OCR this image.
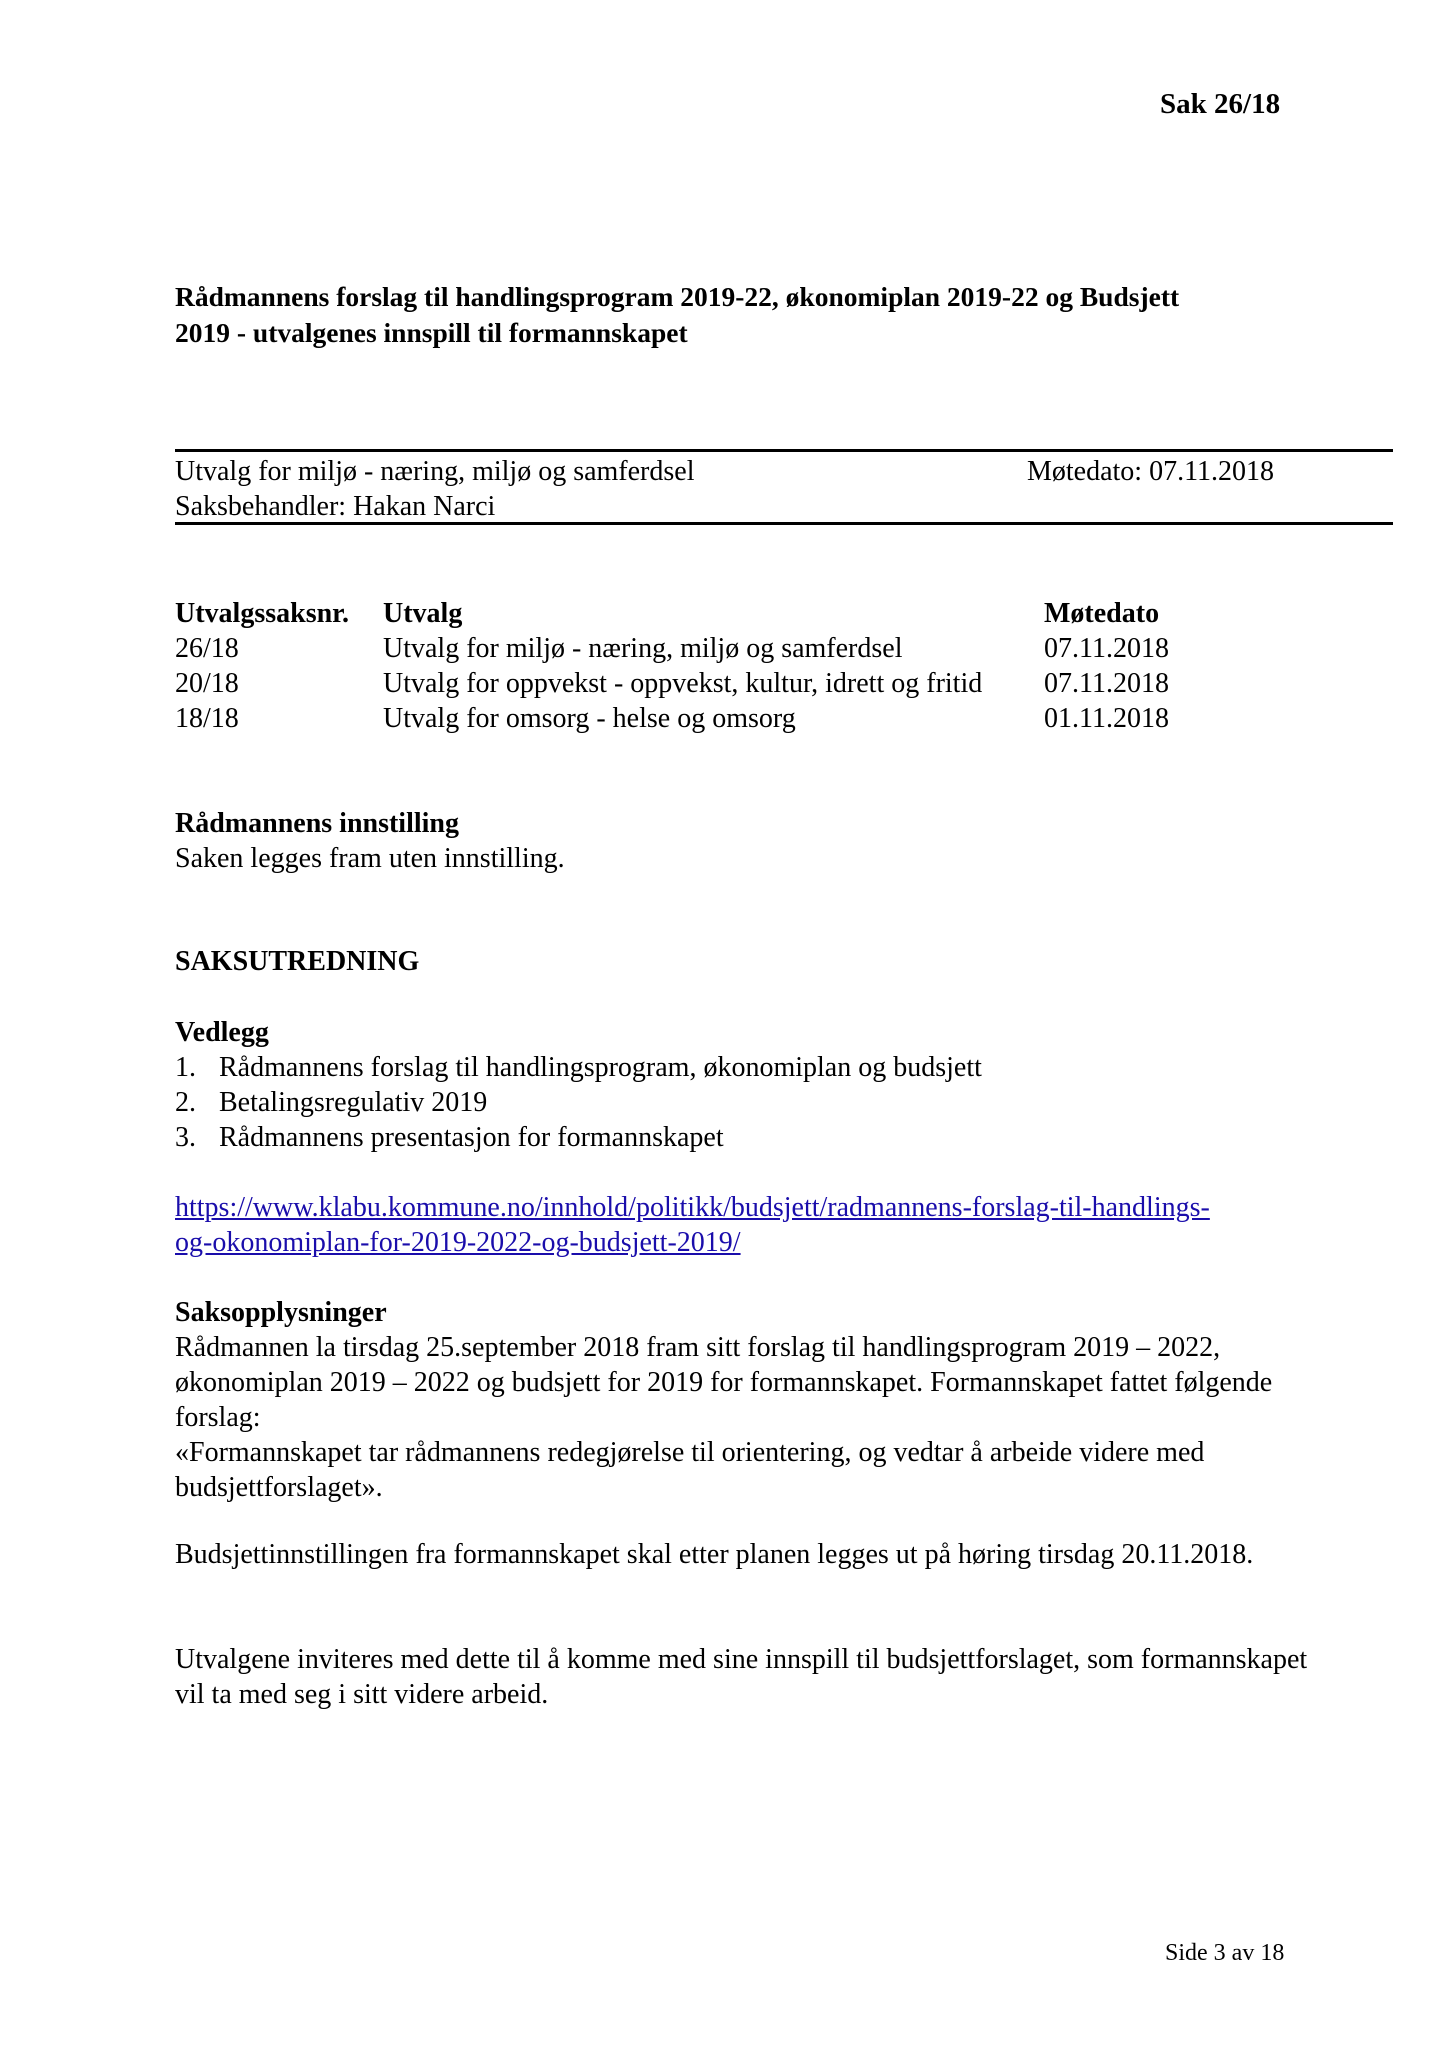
Sak 26/18
Rådmannens forslag til handlingsprogram 2019-22, økonomiplan 2019-22 og Budsjett
2019 - utvalgenes innspill til formannskapet
Utvalg for miljø - næring, miljø og samferdsel	Møtedato: 07.11.2018
Saksbehandler: Hakan Narci
Utvalgssaksnr.	Utvalg	Møtedato
26/18	Utvalg for miljø - næring, miljø og samferdsel	07.11.2018
20/18	Utvalg for oppvekst - oppvekst, kultur, idrett og fritid	07.11.2018
18/18	Utvalg for omsorg - helse og omsorg	01.11.2018
Rådmannens innstilling
Saken legges fram uten innstilling.
SAKSUTREDNING
Vedlegg
1. Rådmannens forslag til handlingsprogram, økonomiplan og budsjett
2. Betalingsregulativ 2019
3. Rådmannens presentasjon for formannskapet
https://www.klabu.kommune.no/innhold/politikk/budsjett/radmannens-forslag-til-handlings-
og-okonomiplan-for-2019-2022-og-budsjett-2019/
Saksopplysninger

Rådmannen la tirsdag 25.september 2018 fram sitt forslag til handlingsprogram 2019 – 2022, økonomiplan 2019 – 2022 og budsjett for 2019 for formannskapet. Formannskapet fattet følgende forslag:

«Formannskapet tar rådmannens redegjørelse til orientering, og vedtar å arbeide videre med budsjettforslaget».

Budsjettinnstillingen fra formannskapet skal etter planen legges ut på høring tirsdag 20.11.2018.
Utvalgene inviteres med dette til å komme med sine innspill til budsjettforslaget, som formannskapet vil ta med seg i sitt videre arbeid.
Side 3 av 18
